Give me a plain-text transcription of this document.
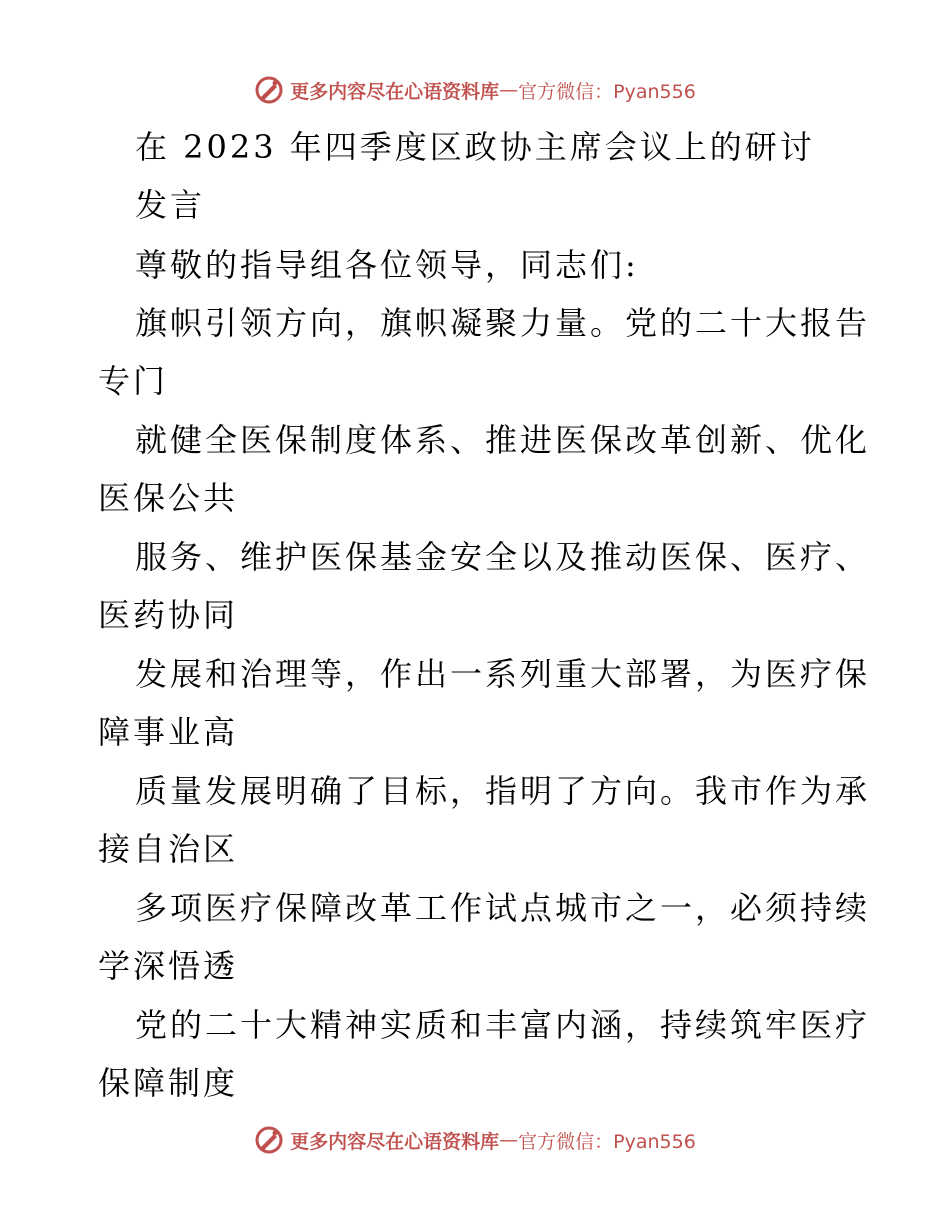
更多内容尽在心语资料库 — 官方微信：Pyan556
在 2023 年四季度区政协主席会议上的研讨
发言
尊敬的指导组各位领导，同志们:
旗帜引领方向，旗帜凝聚力量。党的二十大报告
专门
就健全医保制度体系、推进医保改革创新、优化
医保公共
服务、维护医保基金安全以及推动医保、医疗、
医药协同
发展和治理等，作出一系列重大部署，为医疗保
障事业高
质量发展明确了目标，指明了方向。我市作为承
接自治区
多项医疗保障改革工作试点城市之一，必须持续
学深悟透
党的二十大精神实质和丰富内涵，持续筑牢医疗
保障制度
更多内容尽在心语资料库 — 官方微信：Pyan556
